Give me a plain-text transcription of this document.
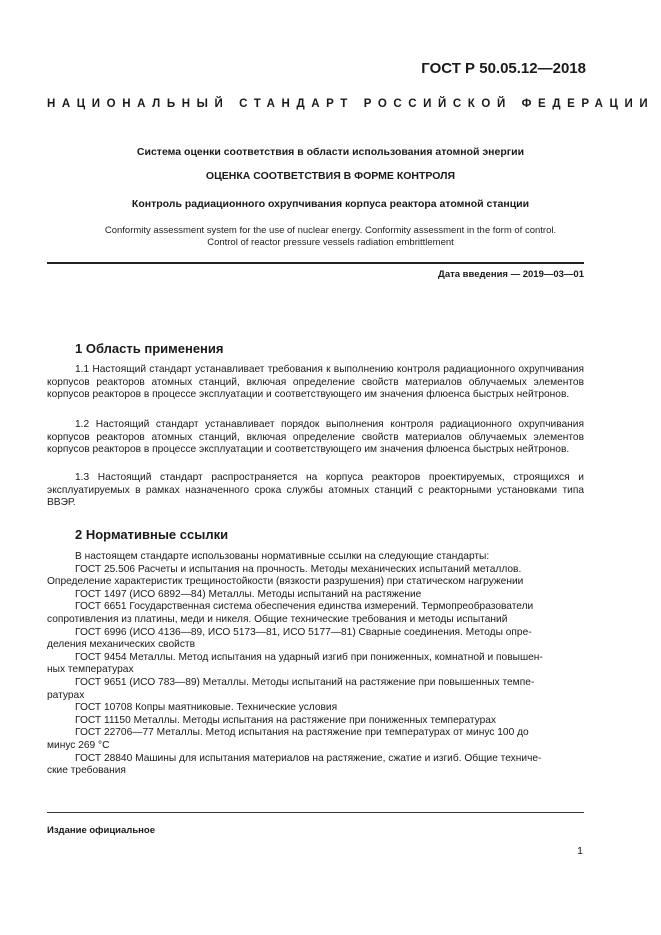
ГОСТ Р 50.05.12—2018
НАЦИОНАЛЬНЫЙ СТАНДАРТ РОССИЙСКОЙ ФЕДЕРАЦИИ
Система оценки соответствия в области использования атомной энергии
ОЦЕНКА СООТВЕТСТВИЯ В ФОРМЕ КОНТРОЛЯ
Контроль радиационного охрупчивания корпуса реактора атомной станции
Conformity assessment system for the use of nuclear energy. Conformity assessment in the form of control.
Control of reactor pressure vessels radiation embrittlement
Дата введения — 2019—03—01
1 Область применения

1.1 Настоящий стандарт устанавливает требования к выполнению контроля радиационного охрупчивания корпусов реакторов атомных станций, включая определение свойств материалов облучаемых элементов корпусов реакторов в процессе эксплуатации и соответствующего им значения флюенса быстрых нейтронов.

1.2 Настоящий стандарт устанавливает порядок выполнения контроля радиационного охрупчивания корпусов реакторов атомных станций, включая определение свойств материалов облучаемых элементов корпусов реакторов в процессе эксплуатации и соответствующего им значения флюенса быстрых нейтронов.

1.3 Настоящий стандарт распространяется на корпуса реакторов проектируемых, строящихся и эксплуатируемых в рамках назначенного срока службы атомных станций с реакторными установками типа ВВЭР.

2 Нормативные ссылки
В настоящем стандарте использованы нормативные ссылки на следующие стандарты:
ГОСТ 25.506 Расчеты и испытания на прочность. Методы механических испытаний металлов.
Определение характеристик трещиностойкости (вязкости разрушения) при статическом нагружении
ГОСТ 1497 (ИСО 6892—84) Металлы. Методы испытаний на растяжение
ГОСТ 6651 Государственная система обеспечения единства измерений. Термопреобразователи
сопротивления из платины, меди и никеля. Общие технические требования и методы испытаний
ГОСТ 6996 (ИСО 4136—89, ИСО 5173—81, ИСО 5177—81) Сварные соединения. Методы опре-
деления механических свойств
ГОСТ 9454 Металлы. Метод испытания на ударный изгиб при пониженных, комнатной и повышен-
ных температурах
ГОСТ 9651 (ИСО 783—89) Металлы. Методы испытаний на растяжение при повышенных темпе-
ратурах
ГОСТ 10708 Копры маятниковые. Технические условия
ГОСТ 11150 Металлы. Методы испытания на растяжение при пониженных температурах
ГОСТ 22706—77 Металлы. Метод испытания на растяжение при температурах от минус 100 до
минус 269 °С
ГОСТ 28840 Машины для испытания материалов на растяжение, сжатие и изгиб. Общие техниче-
ские требования
Издание официальное
1
